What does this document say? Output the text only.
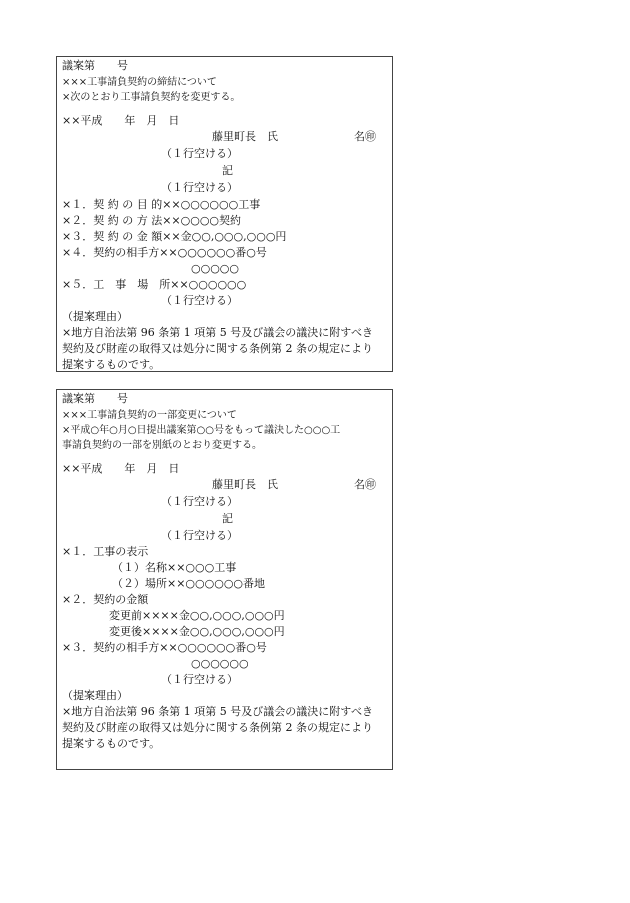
議案第　　号
×××工事請負契約の締結について
×次のとおり工事請負契約を変更する。
××平成　　年　月　日
藤里町長　氏	名㊞
（１行空ける）
記
（１行空ける）
×１．契 約 の 目 的××○○○○○○工事
×２．契 約 の 方 法××○○○○契約
×３．契 約 の 金 額××金○○,○○○,○○○円
×４．契約の相手方××○○○○○○番○号
○○○○○
×５．工　事　場　所××○○○○○○
（１行空ける）
（提案理由）
×地方自治法第 96 条第 1 項第 5 号及び議会の議決に附すべき
契約及び財産の取得又は処分に関する条例第 2 条の規定により
提案するものです。
議案第　　号
×××工事請負契約の一部変更について
×平成○年○月○日提出議案第○○号をもって議決した○○○工
事請負契約の一部を別紙のとおり変更する。
××平成　　年　月　日
藤里町長　氏	名㊞
（１行空ける）
記
（１行空ける）
×１．工事の表示
（１）名称××○○○工事
（２）場所××○○○○○○番地
×２．契約の金額
変更前××××金○○,○○○,○○○円
変更後××××金○○,○○○,○○○円
×３．契約の相手方××○○○○○○番○号
○○○○○○
（１行空ける）
（提案理由）
×地方自治法第 96 条第 1 項第 5 号及び議会の議決に附すべき
契約及び財産の取得又は処分に関する条例第 2 条の規定により
提案するものです。
